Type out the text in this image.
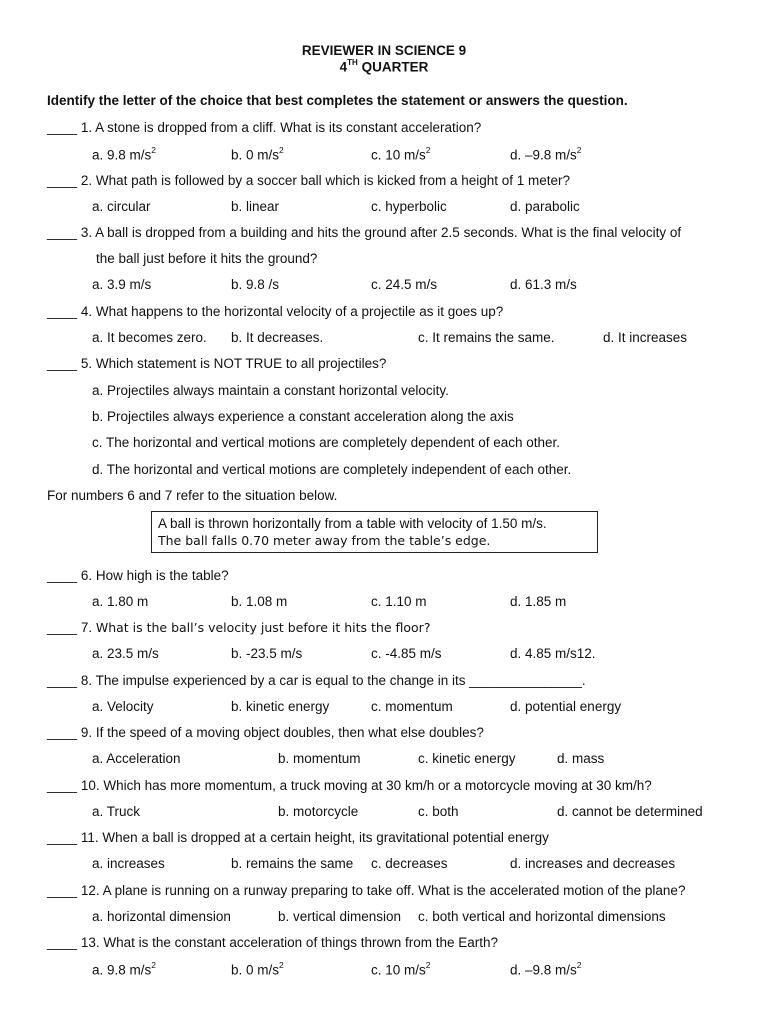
REVIEWER IN SCIENCE 9
4TH QUARTER
Identify the letter of the choice that best completes the statement or answers the question.
____ 1. A stone is dropped from a cliff. What is its constant acceleration?
a. 9.8 $m/s^2$	b. 0 $m/s^2$	c. 10 $m/s^2$	d. –9.8 $m/s^2$
____ 2. What path is followed by a soccer ball which is kicked from a height of 1 meter?
a. circular	b. linear	c. hyperbolic	d. parabolic
____ 3. A ball is dropped from a building and hits the ground after 2.5 seconds. What is the final velocity of
the ball just before it hits the ground?
a. 3.9 m/s	b. 9.8 /s	c. 24.5 m/s	d. 61.3 m/s
____ 4. What happens to the horizontal velocity of a projectile as it goes up?
a. It becomes zero. b. It decreases.	c. It remains the same.	d. It increases
____ 5. Which statement is NOT TRUE to all projectiles?
a. Projectiles always maintain a constant horizontal velocity.
b. Projectiles always experience a constant acceleration along the axis
c. The horizontal and vertical motions are completely dependent of each other.
d. The horizontal and vertical motions are completely independent of each other.
For numbers 6 and 7 refer to the situation below.
A ball is thrown horizontally from a table with velocity of 1.50 m/s.
The ball falls 0.70 meter away from the table’s edge.
____ 6. How high is the table?
a. 1.80 m	b. 1.08 m	c. 1.10 m	d. 1.85 m
____ 7. What is the ball’s velocity just before it hits the floor?
a. 23.5 m/s	b. -23.5 m/s	c. -4.85 m/s	d. 4.85 m/s12.
____ 8. The impulse experienced by a car is equal to the change in its _______________.
a. Velocity	b. kinetic energy	c. momentum	d. potential energy
____ 9. If the speed of a moving object doubles, then what else doubles?
a. Acceleration	b. momentum	c. kinetic energy	d. mass
____ 10. Which has more momentum, a truck moving at 30 km/h or a motorcycle moving at 30 km/h?
a. Truck	b. motorcycle	c. both	d. cannot be determined
____ 11. When a ball is dropped at a certain height, its gravitational potential energy
a. increases	b. remains the same c. decreases	d. increases and decreases
____ 12. A plane is running on a runway preparing to take off. What is the accelerated motion of the plane?
a. horizontal dimension	b. vertical dimension c. both vertical and horizontal dimensions
____ 13. What is the constant acceleration of things thrown from the Earth?
a. 9.8 $m/s^2$	b. 0 $m/s^2$	c. 10 $m/s^2$	d. –9.8 $m/s^2$
